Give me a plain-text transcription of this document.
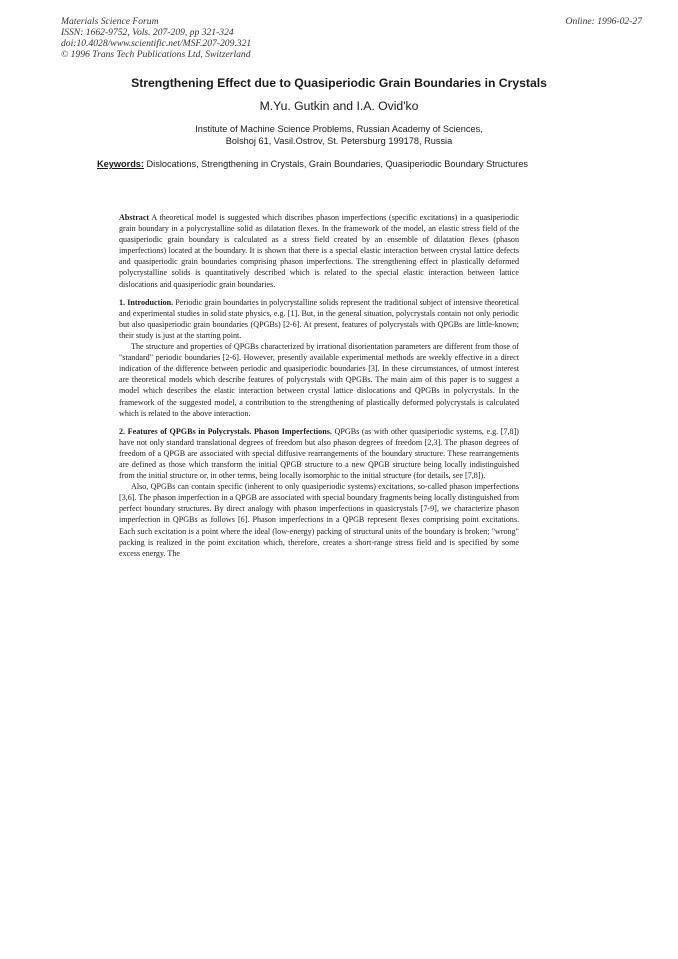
Materials Science Forum
ISSN: 1662-9752, Vols. 207-209, pp 321-324
doi:10.4028/www.scientific.net/MSF.207-209.321
© 1996 Trans Tech Publications Ltd, Switzerland
Online: 1996-02-27
Strengthening Effect due to Quasiperiodic Grain Boundaries in Crystals
M.Yu. Gutkin and I.A. Ovid'ko
Institute of Machine Science Problems, Russian Academy of Sciences,
Bolshoj 61, Vasil.Ostrov, St. Petersburg 199178, Russia
Keywords: Dislocations, Strengthening in Crystals, Grain Boundaries, Quasiperiodic Boundary Structures

Abstract A theoretical model is suggested which discribes phason imperfections (specific excitations) in a quasiperiodic grain boundary in a polycrystalline solid as dilatation flexes. In the framework of the model, an elastic stress field of the quasiperiodic grain boundary is calculated as a stress field created by an ensemble of dilatation flexes (phason imperfections) located at the boundary. It is shown that there is a special elastic interaction between crystal lattice defects and quasiperiodic grain boundaries comprising phason imperfections. The strengthening effect in plastically deformed polycrystalline solids is quantitatively described which is related to the special elastic interaction between lattice dislocations and quasiperiodic grain boundaries.

1. Introduction. Periodic grain boundaries in polycrystalline solids represent the traditional subject of intensive theoretical and experimental studies in solid state physics, e.g. [1]. But, in the general situation, polycrystals contain not only periodic but also quasiperiodic grain boundaries (QPGBs) [2-6]. At present, features of polycrystals with QPGBs are little-known; their study is just at the starting point.

The structure and properties of QPGBs characterized by irrational disorientation parameters are different from those of "standard" periodic boundaries [2-6]. However, presently available experimental methods are weekly effective in a direct indication of the difference between periodic and quasiperiodic boundaries [3]. In these circumstances, of utmost interest are theoretical models which describe features of polycrystals with QPGBs. The main aim of this paper is to suggest a model which describes the elastic interaction between crystal lattice dislocations and QPGBs in polycrystals. In the framework of the suggested model, a contribution to the strengthening of plastically deformed polycrystals is calculated which is related to the above interaction.

2. Features of QPGBs in Polycrystals. Phason Imperfections. QPGBs (as with other quasiperiodic systems, e.g. [7,8]) have not only standard translational degrees of freedom but also phason degrees of freedom [2,3]. The phason degrees of freedom of a QPGB are associated with special diffusive rearrangements of the boundary structure. These rearrangements are defined as those which transform the initial QPGB structure to a new QPGB structure being locally indistinguished from the initial structure or, in other terms, being locally isomorphic to the initial structure (for details, see [7,8]).

Also, QPGBs can contain specific (inherent to only quasiperiodic systems) excitations, so-called phason imperfections [3,6]. The phason imperfection in a QPGB are associated with special boundary fragments being locally distinguished from perfect boundary structures. By direct analogy with phason imperfections in quasicrystals [7-9], we characterize phason imperfection in QPGBs as follows [6]. Phason imperfections in a QPGB represent flexes comprising point excitations. Each such excitation is a point where the ideal (low-energy) packing of structural units of the boundary is broken; "wrong" packing is realized in the point excitation which, therefore, creates a short-range stress field and is specified by some excess energy. The
